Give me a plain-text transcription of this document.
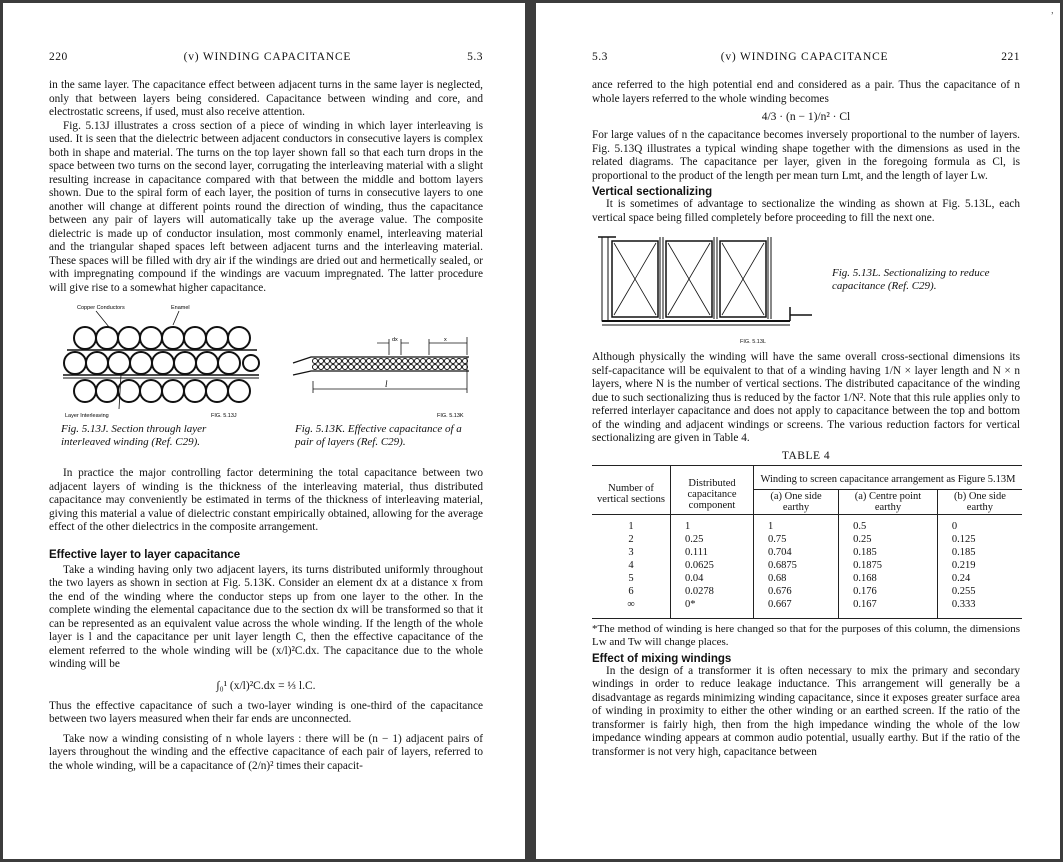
220	(v) WINDING CAPACITANCE	5.3

in the same layer. The capacitance effect between adjacent turns in the same layer is neglected, only that between layers being considered. Capacitance between winding and core, and electrostatic screens, if used, must also receive attention.

Fig. 5.13J illustrates a cross section of a piece of winding in which layer interleaving is used. It is seen that the dielectric between adjacent conductors in consecutive layers is complex both in shape and material. The turns on the top layer shown fall so that each turn drops in the space between two turns on the second layer, corrugating the interleaving material with a slight resulting increase in capacitance compared with that between the middle and bottom layers shown. Due to the spiral form of each layer, the position of turns in consecutive layers to one another will change at different points round the direction of winding, thus the capacitance between any pair of layers will automatically take up the average value. The composite dielectric is made up of conductor insulation, most commonly enamel, interleaving material and the triangular shaped spaces left between adjacent turns and the interleaving material. These spaces will be filled with dry air if the windings are dried out and hermetically sealed, or with impregnating compound if the windings are vacuum impregnated. The latter procedure will give rise to a somewhat higher capacitance.

Copper Conductors	Enamel
Layer Interleaving	FIG. 5.13J
dx	x
l
FIG. 5.13K
Fig. 5.13J. Section through layer interleaved winding (Ref. C29).
Fig. 5.13K. Effective capacitance of a pair of layers (Ref. C29).

In practice the major controlling factor determining the total capacitance between two adjacent layers of winding is the thickness of the interleaving material, thus distributed capacitance may conveniently be estimated in terms of the thickness of interleaving material, giving this material a value of dielectric constant empirically obtained, allowing for the average effect of the other dielectrics in the composite arrangement.

Effective layer to layer capacitance

Take a winding having only two adjacent layers, its turns distributed uniformly throughout the two layers as shown in section at Fig. 5.13K. Consider an element dx at a distance x from the end of the winding where the conductor steps up from one layer to the other. In the complete winding the elemental capacitance due to the section dx will be transformed so that it can be represented as an equivalent value across the whole winding. If the length of the whole layer is l and the capacitance per unit layer length C, then the effective capacitance of the element referred to the whole winding will be (x/l)²C.dx. The capacitance due to the whole winding will be

∫₀¹ (x/l)²C.dx = ⅓ l.C.

Thus the effective capacitance of such a two-layer winding is one-third of the capacitance between two layers measured when their far ends are unconnected.

Take now a winding consisting of n whole layers : there will be (n − 1) adjacent pairs of layers throughout the winding and the effective capacitance of each pair of layers, referred to the whole winding, will be a capacitance of (2/n)² times their capacit-

’
5.3	(v) WINDING CAPACITANCE	221

ance referred to the high potential end and considered as a pair. Thus the capacitance of n whole layers referred to the whole winding becomes

4/3 · (n − 1)/n² · Cl

For large values of n the capacitance becomes inversely proportional to the number of layers. Fig. 5.13Q illustrates a typical winding shape together with the dimensions as used in the related diagrams. The capacitance per layer, given in the foregoing formula as Cl, is proportional to the product of the length per mean turn Lmt, and the length of layer Lw.

Vertical sectionalizing

It is sometimes of advantage to sectionalize the winding as shown at Fig. 5.13L, each vertical space being filled completely before proceeding to fill the next one.

Fig. 5.13L. Sectionalizing to reduce capacitance (Ref. C29).
FIG. 5.13L

Although physically the winding will have the same overall cross-sectional dimensions its self-capacitance will be equivalent to that of a winding having 1/N × layer length and N × n layers, where N is the number of vertical sections. The distributed capacitance of the winding due to such sectionalizing thus is reduced by the factor 1/N². Note that this rule applies only to referred interlayer capacitance and does not apply to capacitance between the top and bottom of the winding and adjacent windings or screens. The various reduction factors for vertical sectionalizing are given in Table 4.

TABLE 4
Number of vertical sections	Distributed capacitance component	Winding to screen capacitance arrangement as Figure 5.13M		
		(a) One side earthy	(a) Centre point earthy	(b) One side earthy
1	1	1	0.5	0
2	0.25	0.75	0.25	0.125
3	0.111	0.704	0.185	0.185
4	0.0625	0.6875	0.1875	0.219
5	0.04	0.68	0.168	0.24
6	0.0278	0.676	0.176	0.255
∞	0*	0.667	0.167	0.333

*The method of winding is here changed so that for the purposes of this column, the dimensions Lw and Tw will change places.

Effect of mixing windings

In the design of a transformer it is often necessary to mix the primary and secondary windings in order to reduce leakage inductance. This arrangement will generally be a disadvantage as regards minimizing winding capacitance, since it exposes greater surface area of winding in proximity to either the other winding or an earthed screen. If the ratio of the transformer is fairly high, then from the high impedance winding the whole of the low impedance winding appears at common audio potential, usually earthy. But if the ratio of the transformer is not very high, capacitance between
